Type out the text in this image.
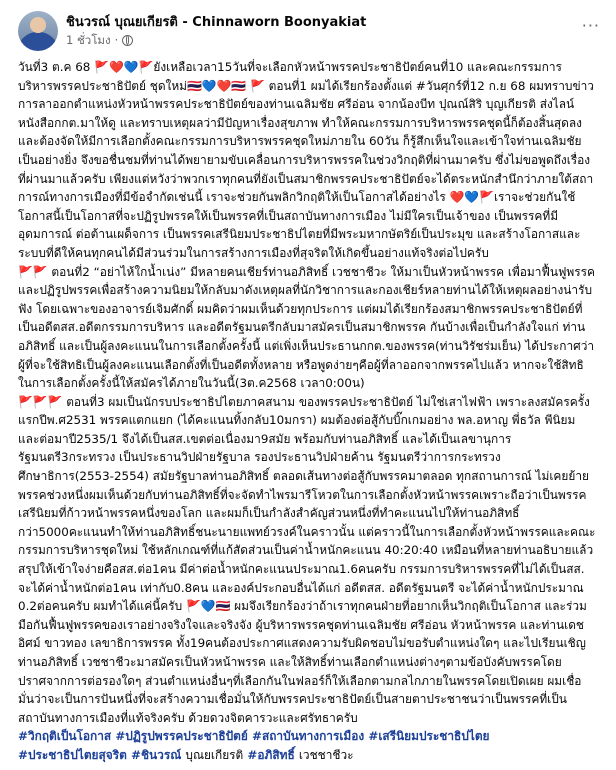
ชินวรณ์ บุณยเกียรติ - Chinnaworn Boonyakiat
1 ชั่วโมง ·
···

วันที่3 ต.ค 68 🚩❤️💙🚩ยังเหลือเวลา15วันที่จะเลือกหัวหน้าพรรคประชาธิปัตย์คนที่10 และคณะกรรมการบริหารพรรคประชาธิปัตย์ ชุดใหม่🇹🇭💙❤️🇹🇭 🚩 ตอนที่1 ผมได้เรียกร้องตั้งแต่ #วันศุกร์ที่12 ก.ย 68 ผมทราบข่าวการลาออกตำแหน่งหัวหน้าพรรคประชาธิปัตย์ของท่านเฉลิมชัย ศรีอ่อน จากน้องบีท ปุณณ์สิริ บุญเกียรติ ส่งไลน์หนังสือกกต.มาให้ดู และทราบเหตุผลว่ามีปัญหาเรื่องสุขภาพ ทำให้คณะกรรมการบริหารพรรคชุดนี้ก็ต้องสิ้นสุดลง และต้องจัดให้มีการเลือกตั้งคณะกรรมการบริหารพรรคชุดใหม่ภายใน 60วัน ก็รู้สึกเห็นใจและเข้าใจท่านเฉลิมชัยเป็นอย่างยิ่ง จึงขอชื่นชมที่ท่านได้พยายามขับเคลื่อนการบริหารพรรคในช่วงวิกฤติที่ผ่านมาครับ ซึ่งไม่ขอพูดถึงเรื่องที่ผ่านมาแล้วครับ เพียงแต่หวังว่าพวกเราทุกคนที่ยังเป็นสมาชิกพรรคประชาธิปัตย์จะได้ตระหนักสำนึกว่าภายใต้สถาการณ์ทางการเมืองที่มีข้อจำกัดเช่นนี้ เราจะช่วยกันพลิกวิกฤติให้เป็นโอกาสได้อย่างไร ❤️💙🚩เราจะช่วยกันใช้โอกาสนี้เป็นโอกาสที่จะปฏิรูปพรรคให้เป็นพรรคที่เป็นสถาบันทางการเมือง ไม่มีใครเป็นเจ้าของ เป็นพรรคที่มีอุดมการณ์ ต่อต้านเผด็จการ เป็นพรรคเสรีนิยมประชาธิปไตยที่มีพระมหากษัตริย์เป็นประมุข และสร้างโอกาสและระบบที่ดีให้คนทุกคนได้มีส่วนร่วมในการสร้างการเมืองที่สุจริตให้เกิดขึ้นอย่างแท้จริงต่อไปครับ

🚩🚩 ตอนที่2 “อย่าไห้ใกน้ำเน่ง” มีหลายคนเชียร์ท่านอภิสิทธิ์ เวชชาชีวะ ให้มาเป็นหัวหน้าพรรค เพื่อมาฟื้นฟูพรรคและปฏิรูปพรรคเพื่อสร้างความนิยมให้กลับมาดังเหตุผลที่นักวิชาการและกองเชียร์หลายท่านได้ให้เหตุผลอย่างน่ารับฟัง โดยเฉพาะของอาจารย์เจิมศักดิ์ ผมคิดว่าผมเห็นด้วยทุกประการ แต่ผมได้เรียกร้องสมาชิกพรรคประชาธิปัตย์ที่เป็นอดีตสส.อดีตกรรมการบริหาร และอดีตรัฐมนตรีกลับมาสมัครเป็นสมาชิกพรรค กันบ้างเพื่อเป็นกำลังใจแก่ ท่านอภิสิทธิ์ และเป็นผู้ลงคะแนนในการเลือกตั้งครั้งนี้ แต่เพิ่งเห็นประธานกกต.ของพรรค(ท่านวิรัชร่มเย็น) ได้ประกาศว่า ผู้ที่จะใช้สิทธิเป็นผู้ลงคะแนนเลือกตั้งที่เป็นอดีตทั้งหลาย หรือพูดง่ายๆคือผู้ที่ลาออกจากพรรคไปแล้ว หากจะใช้สิทธิในการเลือกตั้งครั้งนี้ให้สมัครได้ภายในวันนี้(3ต.ค2568 เวลา0:00น)

🚩🚩🚩 ตอนที่3 ผมเป็นนักรบประชาธิปไตยภาคสนาม ของพรรคประชาธิปัตย์ ไม่ใช่เสาไฟฟ้า เพราะลงสมัครครั้งแรกปีพ.ศ2531 พรรคแตกแยก (ได้คะแนนทิ้งกลับ10มกรา) ผมต้องต่อสู้กับบิ๊กเกมอย่าง พล.อหาญ พี่ธวัล พีนิยม และต่อมาปี2535/1 จึงได้เป็นสส.เขตต่อเนื่องมา9สมัย พร้อมกับท่านอภิสิทธิ์ และได้เป็นเลขานุการรัฐมนตรี3กระทรวง เป็นประธานวิปฝ่ายรัฐบาล รองประธานวิปฝ่ายค้าน รัฐมนตรีว่าการกระทรวงศึกษาธิการ(2553-2554) สมัยรัฐบาลท่านอภิสิทธิ์ ตลอดเส้นทางต่อสู้กับพรรคมาตลอด ทุกสถานการณ์ ไม่เคยย้ายพรรคช่วงหนึ่งผมเห็นด้วยกับท่านอภิสิทธิ์ที่จะจัดทำไพรมารีโหวตในการเลือกตั้งหัวหน้าพรรคเพราะถือว่าเป็นพรรคเสรีนิยมที่ก้าวหน้าพรรคหนึ่งของโลก และผมก็เป็นกำลังสำคัญส่วนหนึ่งที่ทำคะแนนไปให้ท่านอภิสิทธิ์กว่า5000คะแนนทำให้ท่านอภิสิทธิ์ชนะนายแพทย์วรงค์ในคราวนั้น แต่คราวนี้ในการเลือกตั้งหัวหน้าพรรคและคณะกรรมการบริหารชุดใหม่ ใช้หลักเกณฑ์ที่แก้สัดส่วนเป็นค่าน้ำหนักคะแนน 40:20:40 เหมือนที่หลายท่านอธิบายแล้ว สรุปให้เข้าใจง่ายคือสส.ต่อ1คน มีค่าต่อน้ำหนักคะแนนประมาณ1.6คนครับ กรรมการบริหารพรรคที่ไม่ได้เป็นสส. จะได้ค่าน้ำหนักต่อ1คน เท่ากับ0.8คน และองค์ประกอบอื่นได้แก่ อดีตสส. อดีตรัฐมนตรี จะได้ค่าน้ำหนักประมาณ 0.2ต่อคนครับ ผมทำได้แค่นี้ครับ 🚩💙🇹🇭 ผมจึงเรียกร้องว่าถ้าเราทุกคนฝ่ายที่อยากเห็นวิกฤติเป็นโอกาส และร่วมมือกันฟื้นฟูพรรคของเราอย่างจริงใจและจริงจัง ผู้บริหารพรรคชุดท่านเฉลิมชัย ศรีอ่อน หัวหน้าพรรค และท่านเดชอิศม์ ขาวทอง เลขาธิการพรรค ทั้ง19คนต้องประกาศแสดงความรับผิดชอบไม่ขอรับตำแหน่งใดๆ และไปเรียนเชิญท่านอภิสิทธิ์ เวชชาชีวะมาสมัครเป็นหัวหน้าพรรค และให้สิทธิ์ท่านเลือกตำแหน่งต่างๆตามข้อบังคับพรรคโดยปราศจากการต่อรองใดๆ ส่วนตำแหน่งอื่นๆที่เลือกกันในฟลอร์ก็ให้เลือกตามกลไกภายในพรรคโดยเปิดเผย ผมเชื่อมั่นว่าจะเป็นการปันหนึ่งที่จะสร้างความเชื่อมั่นให้กับพรรคประชาธิปัตย์เป็นสายตาประชาชนว่าเป็นพรรคที่เป็นสถาบันทางการเมืองที่แท้จริงครับ ด้วยดวงจิตคารวะและศรัทธาครับ

#วิกฤติเป็นโอกาส #ปฏิรูปพรรคประชาธิปัตย์ #สถาบันทางการเมือง #เสรีนิยมประชาธิปไตย

#ประชาธิปไตยสุจริต #ชินวรณ์ บุณยเกียรติ #อภิสิทธิ์ เวชชาชีวะ
